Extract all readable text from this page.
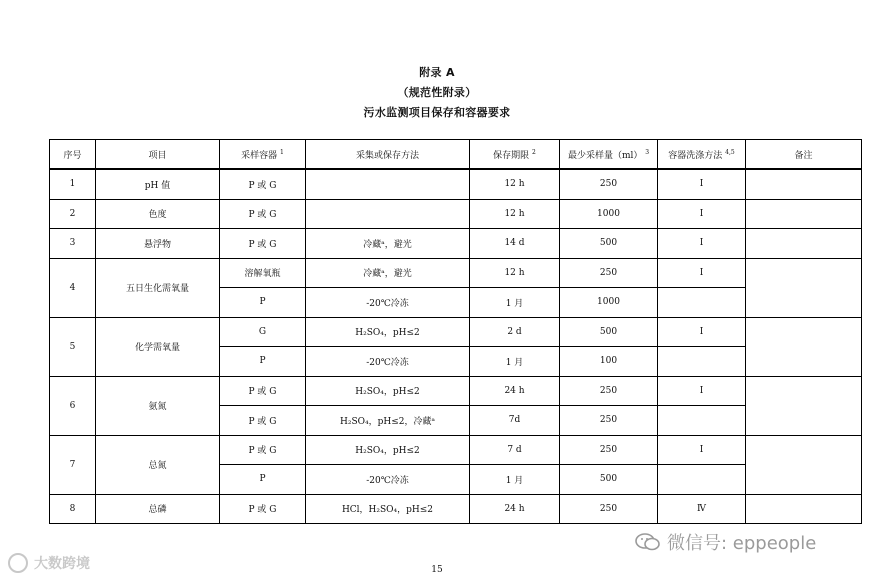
附录 A
（规范性附录）
污水监测项目保存和容器要求
序号	项目	采样容器 $^1$	采集或保存方法	保存期限 $^2$	最少采样量（ml） $^3$	容器洗涤方法 $^{4,5}$	备注
1	pH 值	P 或 G		12 h	250	Ⅰ	
2	色度	P 或 G		12 h	1000	Ⅰ	
3	悬浮物	P 或 G	冷藏ᵃ，避光	14 d	500	Ⅰ	
4	五日生化需氧量	溶解氧瓶	冷藏ᵃ，避光	12 h	250	Ⅰ	
		P	-20℃冷冻	1 月	1000		
5	化学需氧量	G	H₂SO₄，pH≤2	2 d	500	Ⅰ	
		P	-20℃冷冻	1 月	100		
6	氨氮	P 或 G	H₂SO₄，pH≤2	24 h	250	Ⅰ	
		P 或 G	H₂SO₄，pH≤2，冷藏ᵃ	7d	250		
7	总氮	P 或 G	H₂SO₄，pH≤2	7 d	250	Ⅰ	
		P	-20℃冷冻	1 月	500		
8	总磷	P 或 G	HCl，H₂SO₄，pH≤2	24 h	250	Ⅳ	
微信号: eppeople
大数跨境	15
